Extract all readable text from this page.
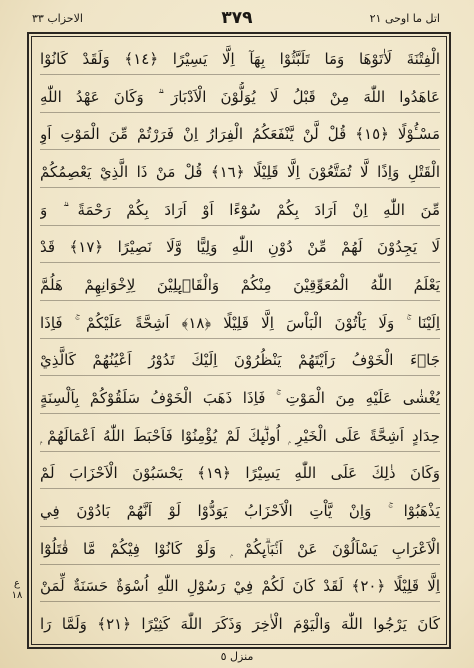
الاحزاب ٣٣	٣٧٩	اتل ما اوحی ٢١
الْفِتْنَةَ لَاٰتَوْهَا وَمَا تَلَبَّثُوْا بِهَآ اِلَّا يَسِيْرًا ﴿١٤﴾ وَلَقَدْ كَانُوْا
عَاهَدُوا اللّٰهَ مِنْ قَبْلُ لَا يُوَلُّوْنَ الْاَدْبَارَ ۗ وَكَانَ عَهْدُ اللّٰهِ
مَسْـُٔوْلًا ﴿١٥﴾ قُلْ لَّنْ يَّنْفَعَكُمُ الْفِرَارُ اِنْ فَرَرْتُمْ مِّنَ الْمَوْتِ اَوِ
الْقَتْلِ وَاِذًا لَّا تُمَتَّعُوْنَ اِلَّا قَلِيْلًا ﴿١٦﴾ قُلْ مَنْ ذَا الَّذِيْ يَعْصِمُكُمْ
مِّنَ اللّٰهِ اِنْ اَرَادَ بِكُمْ سُوْٓءًا اَوْ اَرَادَ بِكُمْ رَحْمَةً ۗ وَ
لَا يَجِدُوْنَ لَهُمْ مِّنْ دُوْنِ اللّٰهِ وَلِيًّا وَّلَا نَصِيْرًا ﴿١٧﴾ قَدْ
يَعْلَمُ اللّٰهُ الْمُعَوِّقِيْنَ مِنْكُمْ وَالْقَاۗىِٕلِيْنَ لِاِخْوَانِهِمْ هَلُمَّ
اِلَيْنَا ۚ وَلَا يَاْتُوْنَ الْبَاْسَ اِلَّا قَلِيْلًا ﴿١٨﴾ اَشِحَّةً عَلَيْكُمْ ۚ فَاِذَا
جَاۗءَ الْخَوْفُ رَاَيْتَهُمْ يَنْظُرُوْنَ اِلَيْكَ تَدُوْرُ اَعْيُنُهُمْ كَالَّذِيْ
يُغْشٰى عَلَيْهِ مِنَ الْمَوْتِ ۚ فَاِذَا ذَهَبَ الْخَوْفُ سَلَقُوْكُمْ بِاَلْسِنَةٍ
حِدَادٍ اَشِحَّةً عَلَى الْخَيْرِ ۭ اُولٰۗىِٕكَ لَمْ يُؤْمِنُوْا فَاَحْبَطَ اللّٰهُ اَعْمَالَهُمْ ۭ
وَكَانَ ذٰلِكَ عَلَى اللّٰهِ يَسِيْرًا ﴿١٩﴾ يَحْسَبُوْنَ الْاَحْزَابَ لَمْ
يَذْهَبُوْا ۚ وَاِنْ يَّاْتِ الْاَحْزَابُ يَوَدُّوْا لَوْ اَنَّهُمْ بَادُوْنَ فِي
الْاَعْرَابِ يَسْاَلُوْنَ عَنْ اَنْۢبَاۗىِٕكُمْ ۭ وَلَوْ كَانُوْا فِيْكُمْ مَّا قٰتَلُوْٓا
اِلَّا قَلِيْلًا ﴿٢٠﴾ لَقَدْ كَانَ لَكُمْ فِيْ رَسُوْلِ اللّٰهِ اُسْوَةٌ حَسَنَةٌ لِّمَنْ
كَانَ يَرْجُوا اللّٰهَ وَالْيَوْمَ الْاٰخِرَ وَذَكَرَ اللّٰهَ كَثِيْرًا ﴿٢١﴾ وَلَمَّا رَا
ع ١٨
منزل ٥
